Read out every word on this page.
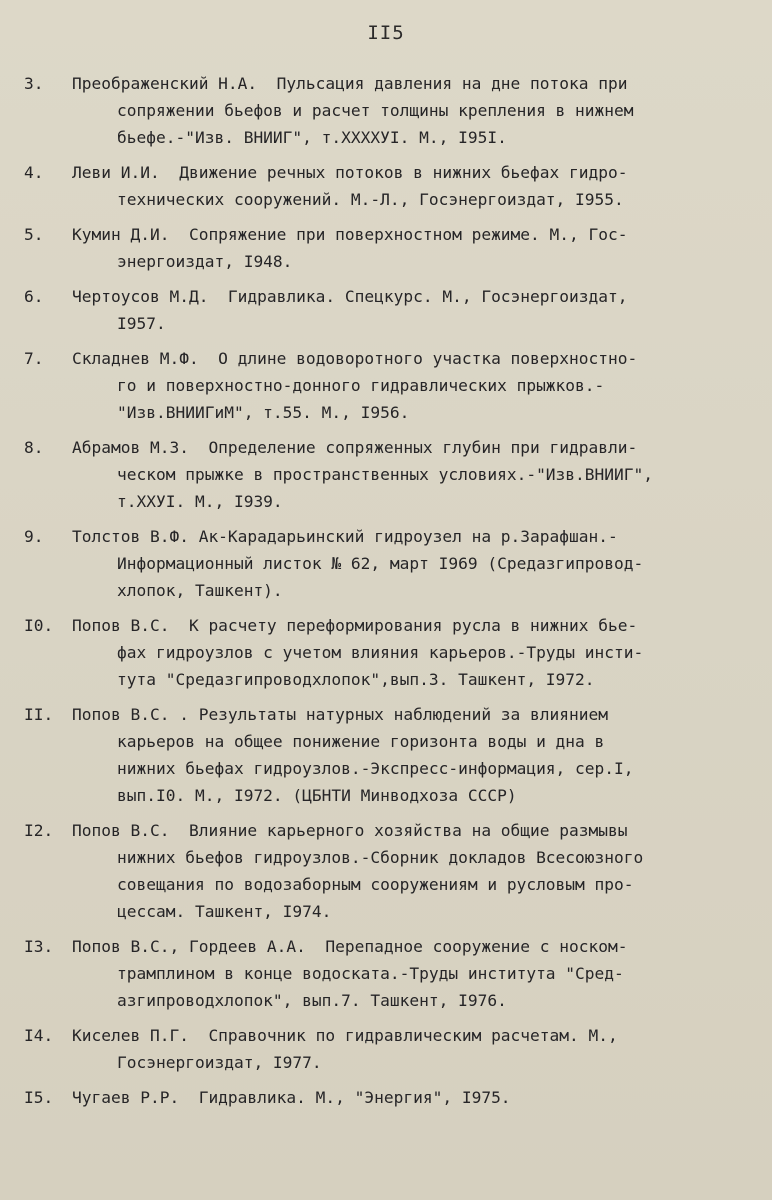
II5
3.	Преображенский Н.А.  Пульсация давления на дне потока при
сопряжении бьефов и расчет толщины крепления в нижнем
бьефе.-"Изв. ВНИИГ", т.XXXXУI. М., I95I.
4.	Леви И.И.  Движение речных потоков в нижних бьефах гидро-
технических сооружений. М.-Л., Госэнергоиздат, I955.
5.	Кумин Д.И.  Сопряжение при поверхностном режиме. М., Гос-
энергоиздат, I948.
6.	Чертоусов М.Д.  Гидравлика. Спецкурс. М., Госэнергоиздат,
I957.
7.	Складнев М.Ф.  О длине водоворотного участка поверхностно-
го и поверхностно-донного гидравлических прыжков.-
"Изв.ВНИИГиМ", т.55. М., I956.
8.	Абрамов М.З.  Определение сопряженных глубин при гидравли-
ческом прыжке в пространственных условиях.-"Изв.ВНИИГ",
т.XXУI. М., I939.
9.	Толстов В.Ф. Ак-Карадарьинский гидроузел на р.Зарафшан.-
Информационный листок № 62, март I969 (Средазгипровод-
хлопок, Ташкент).
I0.	Попов В.С.  К расчету переформирования русла в нижних бье-
фах гидроузлов с учетом влияния карьеров.-Труды инсти-
тута "Средазгипроводхлопок",вып.3. Ташкент, I972.
II.	Попов В.С. . Результаты натурных наблюдений за влиянием
карьеров на общее понижение горизонта воды и дна в
нижних бьефах гидроузлов.-Экспресс-информация, сер.I,
вып.I0. М., I972. (ЦБНТИ Минводхоза СССР)
I2.	Попов В.С.  Влияние карьерного хозяйства на общие размывы
нижних бьефов гидроузлов.-Сборник докладов Всесоюзного
совещания по водозаборным сооружениям и русловым про-
цессам. Ташкент, I974.
I3.	Попов В.С., Гордеев А.А.  Перепадное сооружение с носком-
трамплином в конце водоската.-Труды института "Сред-
азгипроводхлопок", вып.7. Ташкент, I976.
I4.	Киселев П.Г.  Справочник по гидравлическим расчетам. М.,
Госэнергоиздат, I977.
I5.	Чугаев Р.Р.  Гидравлика. М., "Энергия", I975.
